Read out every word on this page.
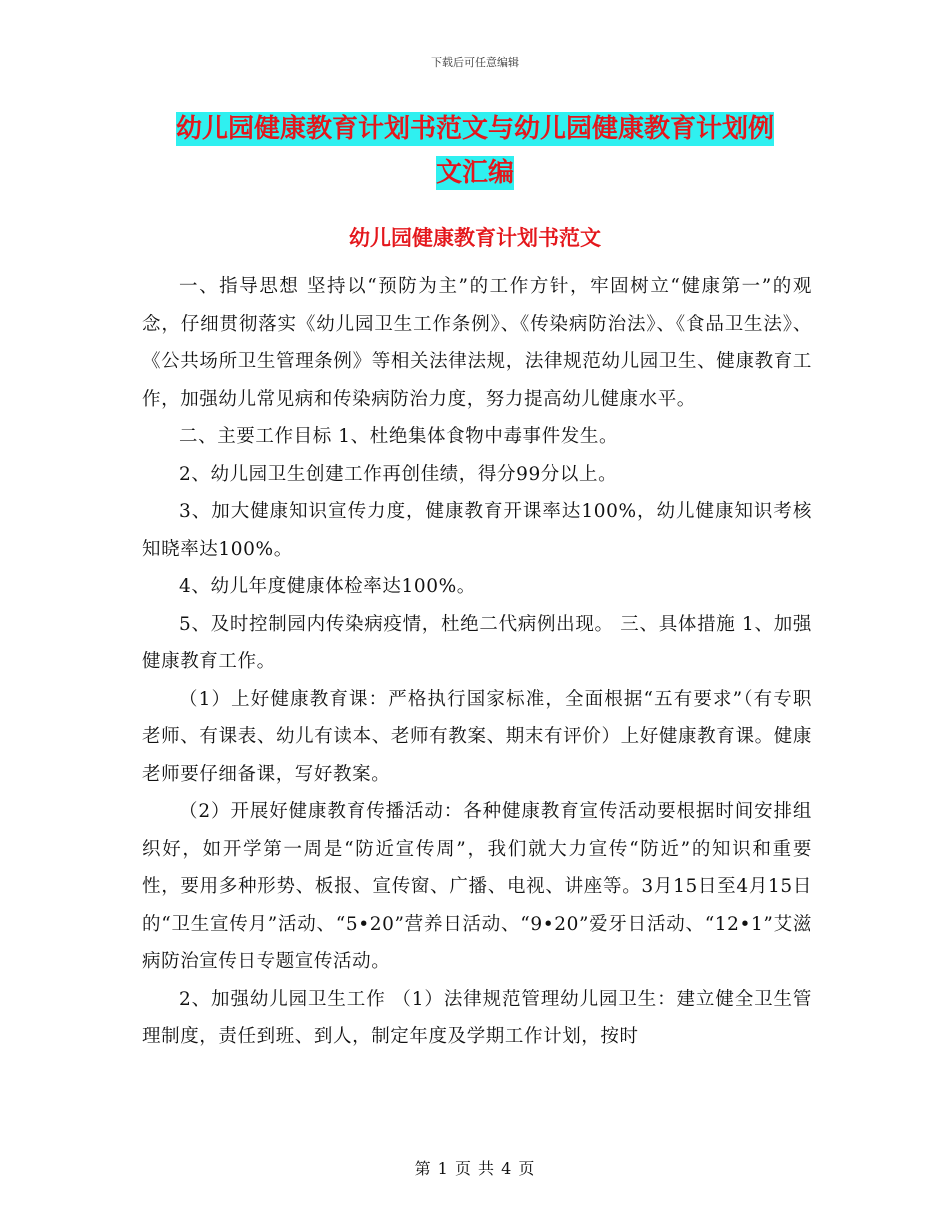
下载后可任意编辑
幼儿园健康教育计划书范文与幼儿园健康教育计划例
文汇编
幼儿园健康教育计划书范文

一、指导思想 坚持以“预防为主”的工作方针，牢固树立“健康第一”的观念，仔细贯彻落实《幼儿园卫生工作条例》、《传染病防治法》、《食品卫生法》、《公共场所卫生管理条例》等相关法律法规，法律规范幼儿园卫生、健康教育工作，加强幼儿常见病和传染病防治力度，努力提高幼儿健康水平。

二、主要工作目标 1、杜绝集体食物中毒事件发生。

2、幼儿园卫生创建工作再创佳绩，得分99分以上。

3、加大健康知识宣传力度，健康教育开课率达100%，幼儿健康知识考核知晓率达100%。

4、幼儿年度健康体检率达100%。

5、及时控制园内传染病疫情，杜绝二代病例出现。 三、具体措施 1、加强健康教育工作。

（1）上好健康教育课：严格执行国家标准，全面根据“五有要求”（有专职老师、有课表、幼儿有读本、老师有教案、期末有评价）上好健康教育课。健康老师要仔细备课，写好教案。

（2）开展好健康教育传播活动：各种健康教育宣传活动要根据时间安排组织好，如开学第一周是“防近宣传周”，我们就大力宣传“防近”的知识和重要性，要用多种形势、板报、宣传窗、广播、电视、讲座等。3月15日至4月15日的“卫生宣传月”活动、“5•20”营养日活动、“9•20”爱牙日活动、“12•1”艾滋病防治宣传日专题宣传活动。

2、加强幼儿园卫生工作 （1）法律规范管理幼儿园卫生：建立健全卫生管理制度，责任到班、到人，制定年度及学期工作计划，按时

第 1 页 共 4 页
